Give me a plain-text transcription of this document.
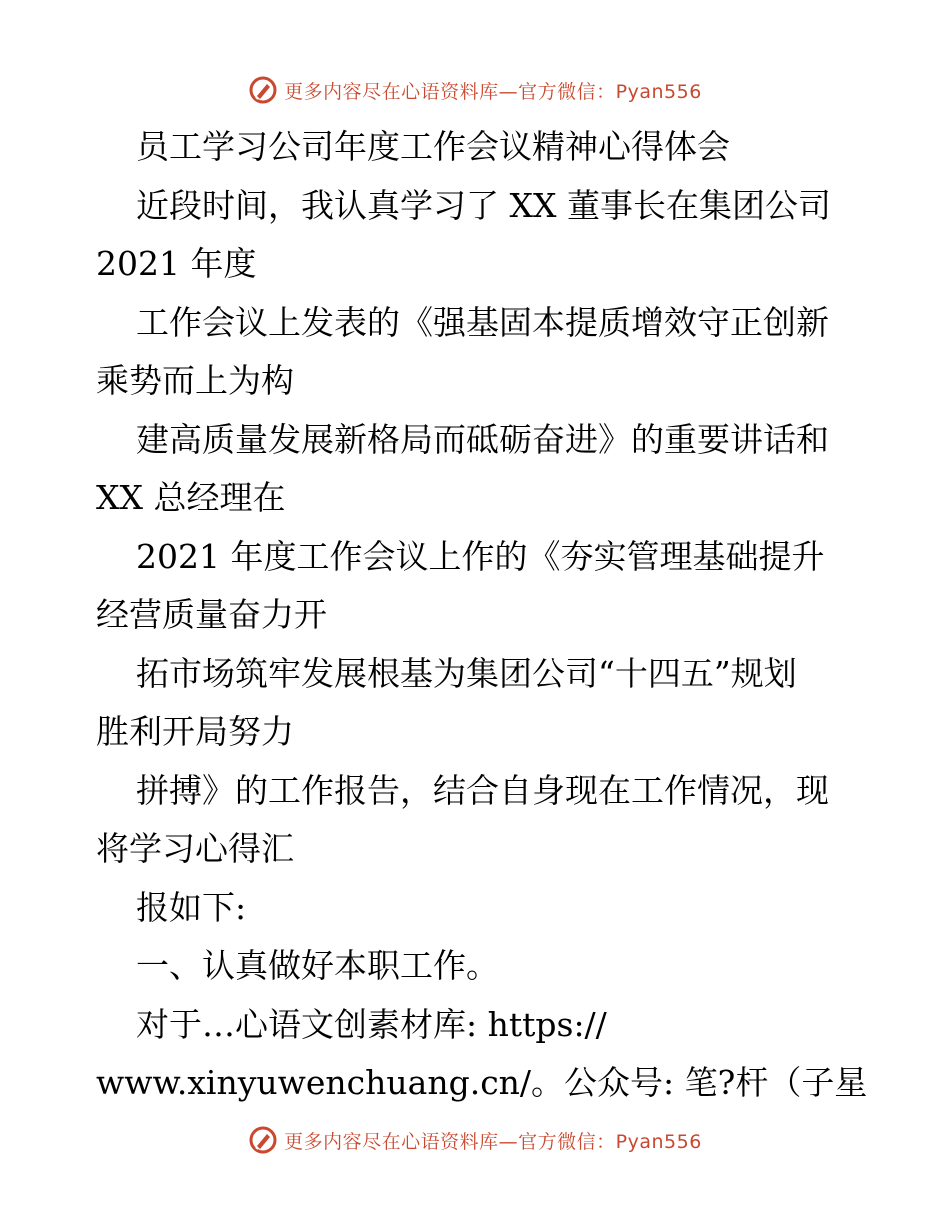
更多内容尽在心语资料库—官方微信：Pyan556
员工学习公司年度工作会议精神心得体会
近段时间，我认真学习了 XX 董事长在集团公司
2021 年度
工作会议上发表的《强基固本提质增效守正创新
乘势而上为构
建高质量发展新格局而砥砺奋进》的重要讲话和
XX 总经理在
2021 年度工作会议上作的《夯实管理基础提升
经营质量奋力开
拓市场筑牢发展根基为集团公司“十四五”规划
胜利开局努力
拼搏》的工作报告，结合自身现在工作情况，现
将学习心得汇
报如下:
一、认真做好本职工作。
对于…心语文创素材库: https://
www.xinyuwenchuang.cn/。公众号: 笔?杆（子星
更多内容尽在心语资料库—官方微信：Pyan556
